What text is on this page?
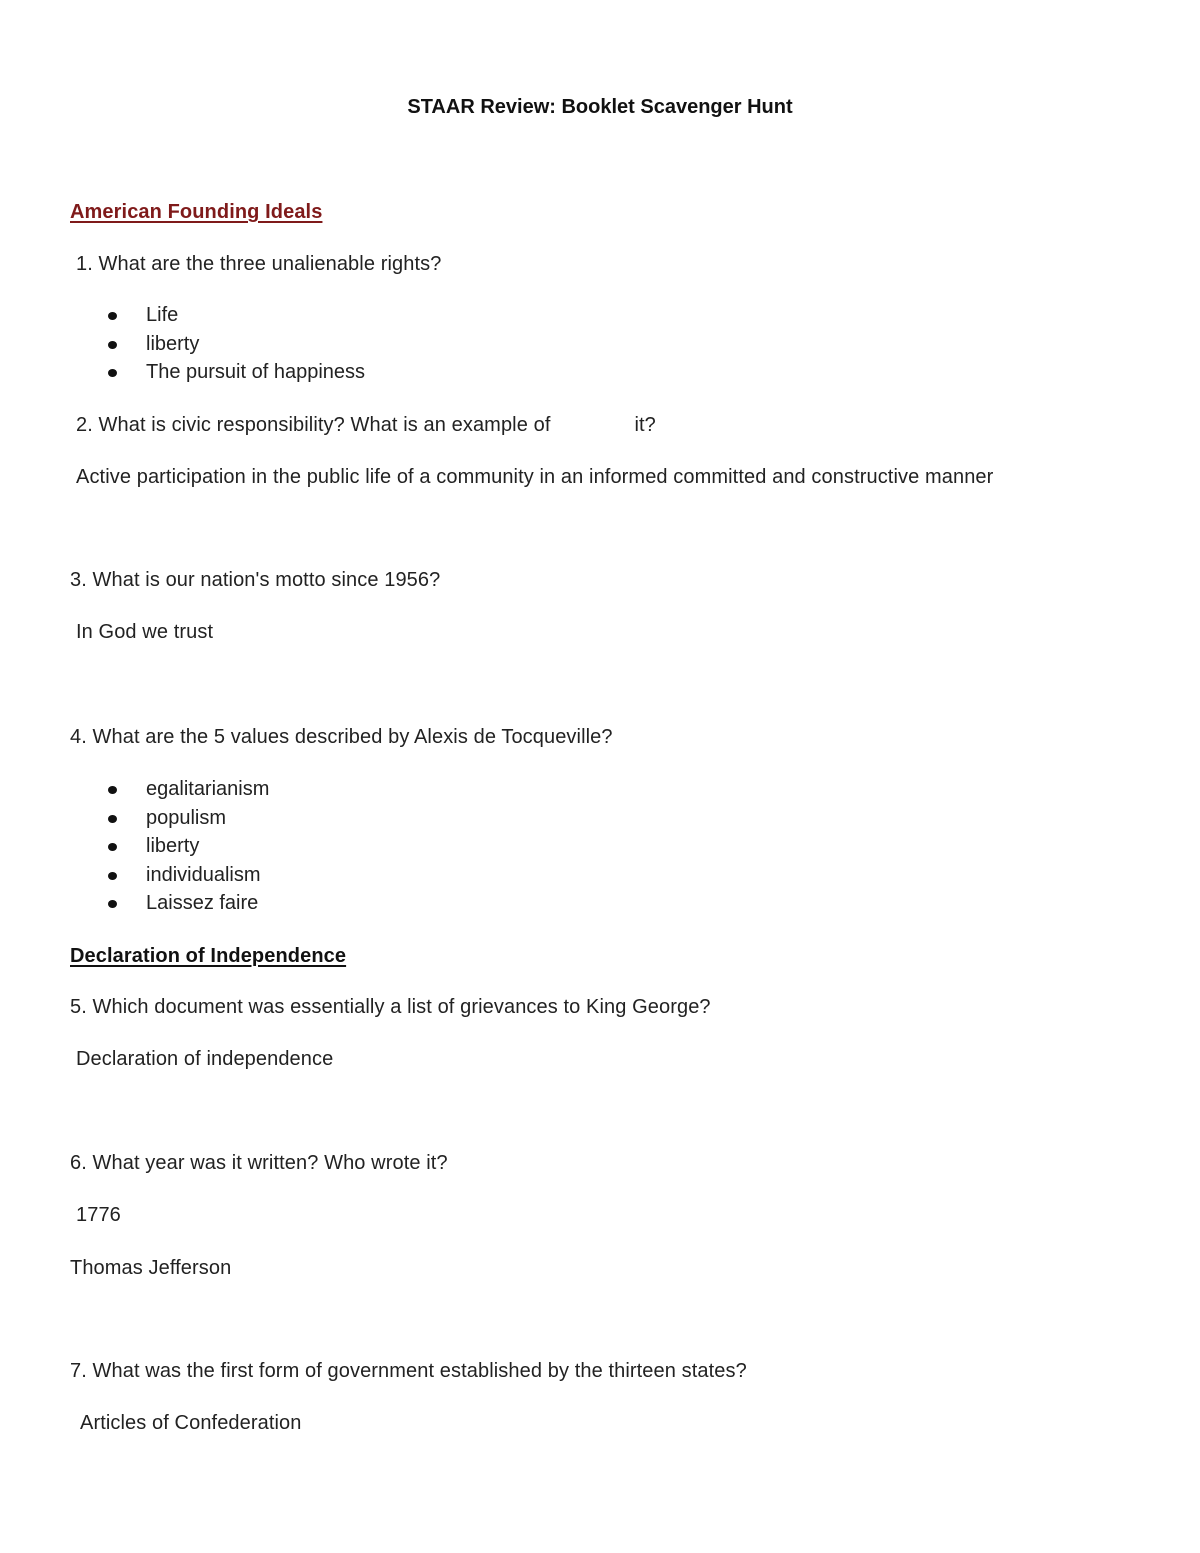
STAAR Review: Booklet Scavenger Hunt
American Founding Ideals
1. What are the three unalienable rights?
Life
liberty
The pursuit of happiness
2. What is civic responsibility? What is an example of	it?
Active participation in the public life of a community in an informed committed and constructive manner
3. What is our nation's motto since 1956?
In God we trust
4. What are the 5 values described by Alexis de Tocqueville?
egalitarianism
populism
liberty
individualism
Laissez faire
Declaration of Independence
5. Which document was essentially a list of grievances to King George?
Declaration of independence
6. What year was it written? Who wrote it?
1776
Thomas Jefferson
7. What was the first form of government established by the thirteen states?
Articles of Confederation
